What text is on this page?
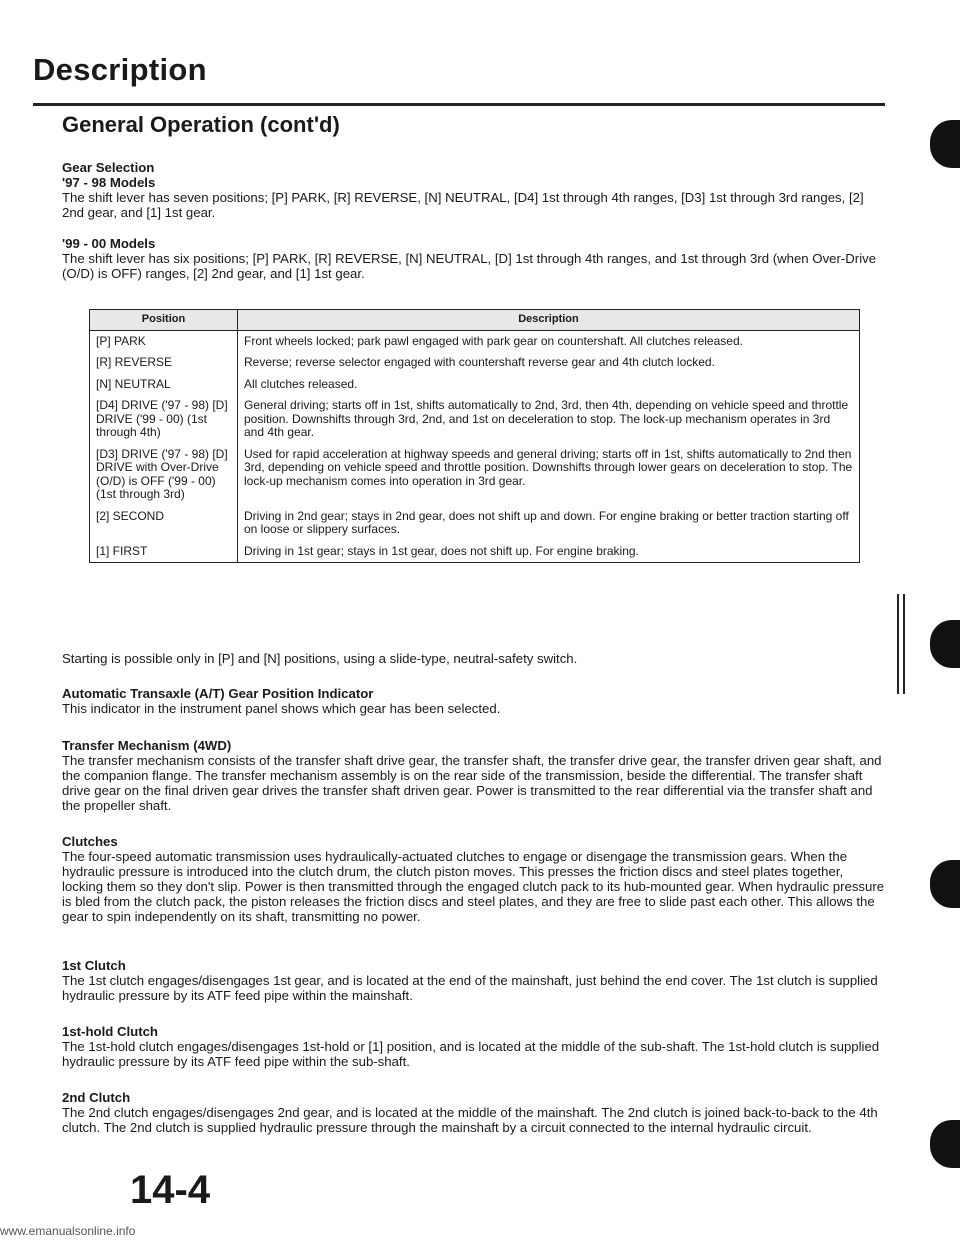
Description
General Operation (cont'd)
Gear Selection
'97 - 98 Models
The shift lever has seven positions; [P] PARK, [R] REVERSE, [N] NEUTRAL, [D4] 1st through 4th ranges, [D3] 1st through 3rd ranges, [2] 2nd gear, and [1] 1st gear.
'99 - 00 Models
The shift lever has six positions; [P] PARK, [R] REVERSE, [N] NEUTRAL, [D] 1st through 4th ranges, and 1st through 3rd (when Over-Drive (O/D) is OFF) ranges, [2] 2nd gear, and [1] 1st gear.
Position	Description
[P] PARK	Front wheels locked; park pawl engaged with park gear on countershaft. All clutches released.
[R] REVERSE	Reverse; reverse selector engaged with countershaft reverse gear and 4th clutch locked.
[N] NEUTRAL	All clutches released.
[D4] DRIVE ('97 - 98) [D] DRIVE ('99 - 00) (1st through 4th)	General driving; starts off in 1st, shifts automatically to 2nd, 3rd, then 4th, depending on vehicle speed and throttle position. Downshifts through 3rd, 2nd, and 1st on deceleration to stop. The lock-up mechanism operates in 3rd and 4th gear.
[D3] DRIVE ('97 - 98) [D] DRIVE with Over-Drive (O/D) is OFF ('99 - 00) (1st through 3rd)	Used for rapid acceleration at highway speeds and general driving; starts off in 1st, shifts automatically to 2nd then 3rd, depending on vehicle speed and throttle position. Downshifts through lower gears on deceleration to stop. The lock-up mechanism comes into operation in 3rd gear.
[2] SECOND	Driving in 2nd gear; stays in 2nd gear, does not shift up and down. For engine braking or better traction starting off on loose or slippery surfaces.
[1] FIRST	Driving in 1st gear; stays in 1st gear, does not shift up. For engine braking.
Starting is possible only in [P] and [N] positions, using a slide-type, neutral-safety switch.
Automatic Transaxle (A/T) Gear Position Indicator
This indicator in the instrument panel shows which gear has been selected.
Transfer Mechanism (4WD)
The transfer mechanism consists of the transfer shaft drive gear, the transfer shaft, the transfer drive gear, the transfer driven gear shaft, and the companion flange. The transfer mechanism assembly is on the rear side of the transmission, beside the differential. The transfer shaft drive gear on the final driven gear drives the transfer shaft driven gear. Power is transmitted to the rear differential via the transfer shaft and the propeller shaft.
Clutches
The four-speed automatic transmission uses hydraulically-actuated clutches to engage or disengage the transmission gears. When the hydraulic pressure is introduced into the clutch drum, the clutch piston moves. This presses the friction discs and steel plates together, locking them so they don't slip. Power is then transmitted through the engaged clutch pack to its hub-mounted gear. When hydraulic pressure is bled from the clutch pack, the piston releases the friction discs and steel plates, and they are free to slide past each other. This allows the gear to spin independently on its shaft, transmitting no power.
1st Clutch
The 1st clutch engages/disengages 1st gear, and is located at the end of the mainshaft, just behind the end cover. The 1st clutch is supplied hydraulic pressure by its ATF feed pipe within the mainshaft.
1st-hold Clutch
The 1st-hold clutch engages/disengages 1st-hold or [1] position, and is located at the middle of the sub-shaft. The 1st-hold clutch is supplied hydraulic pressure by its ATF feed pipe within the sub-shaft.
2nd Clutch
The 2nd clutch engages/disengages 2nd gear, and is located at the middle of the mainshaft. The 2nd clutch is joined back-to-back to the 4th clutch. The 2nd clutch is supplied hydraulic pressure through the mainshaft by a circuit connected to the internal hydraulic circuit.
14-4
www.emanualsonline.info
